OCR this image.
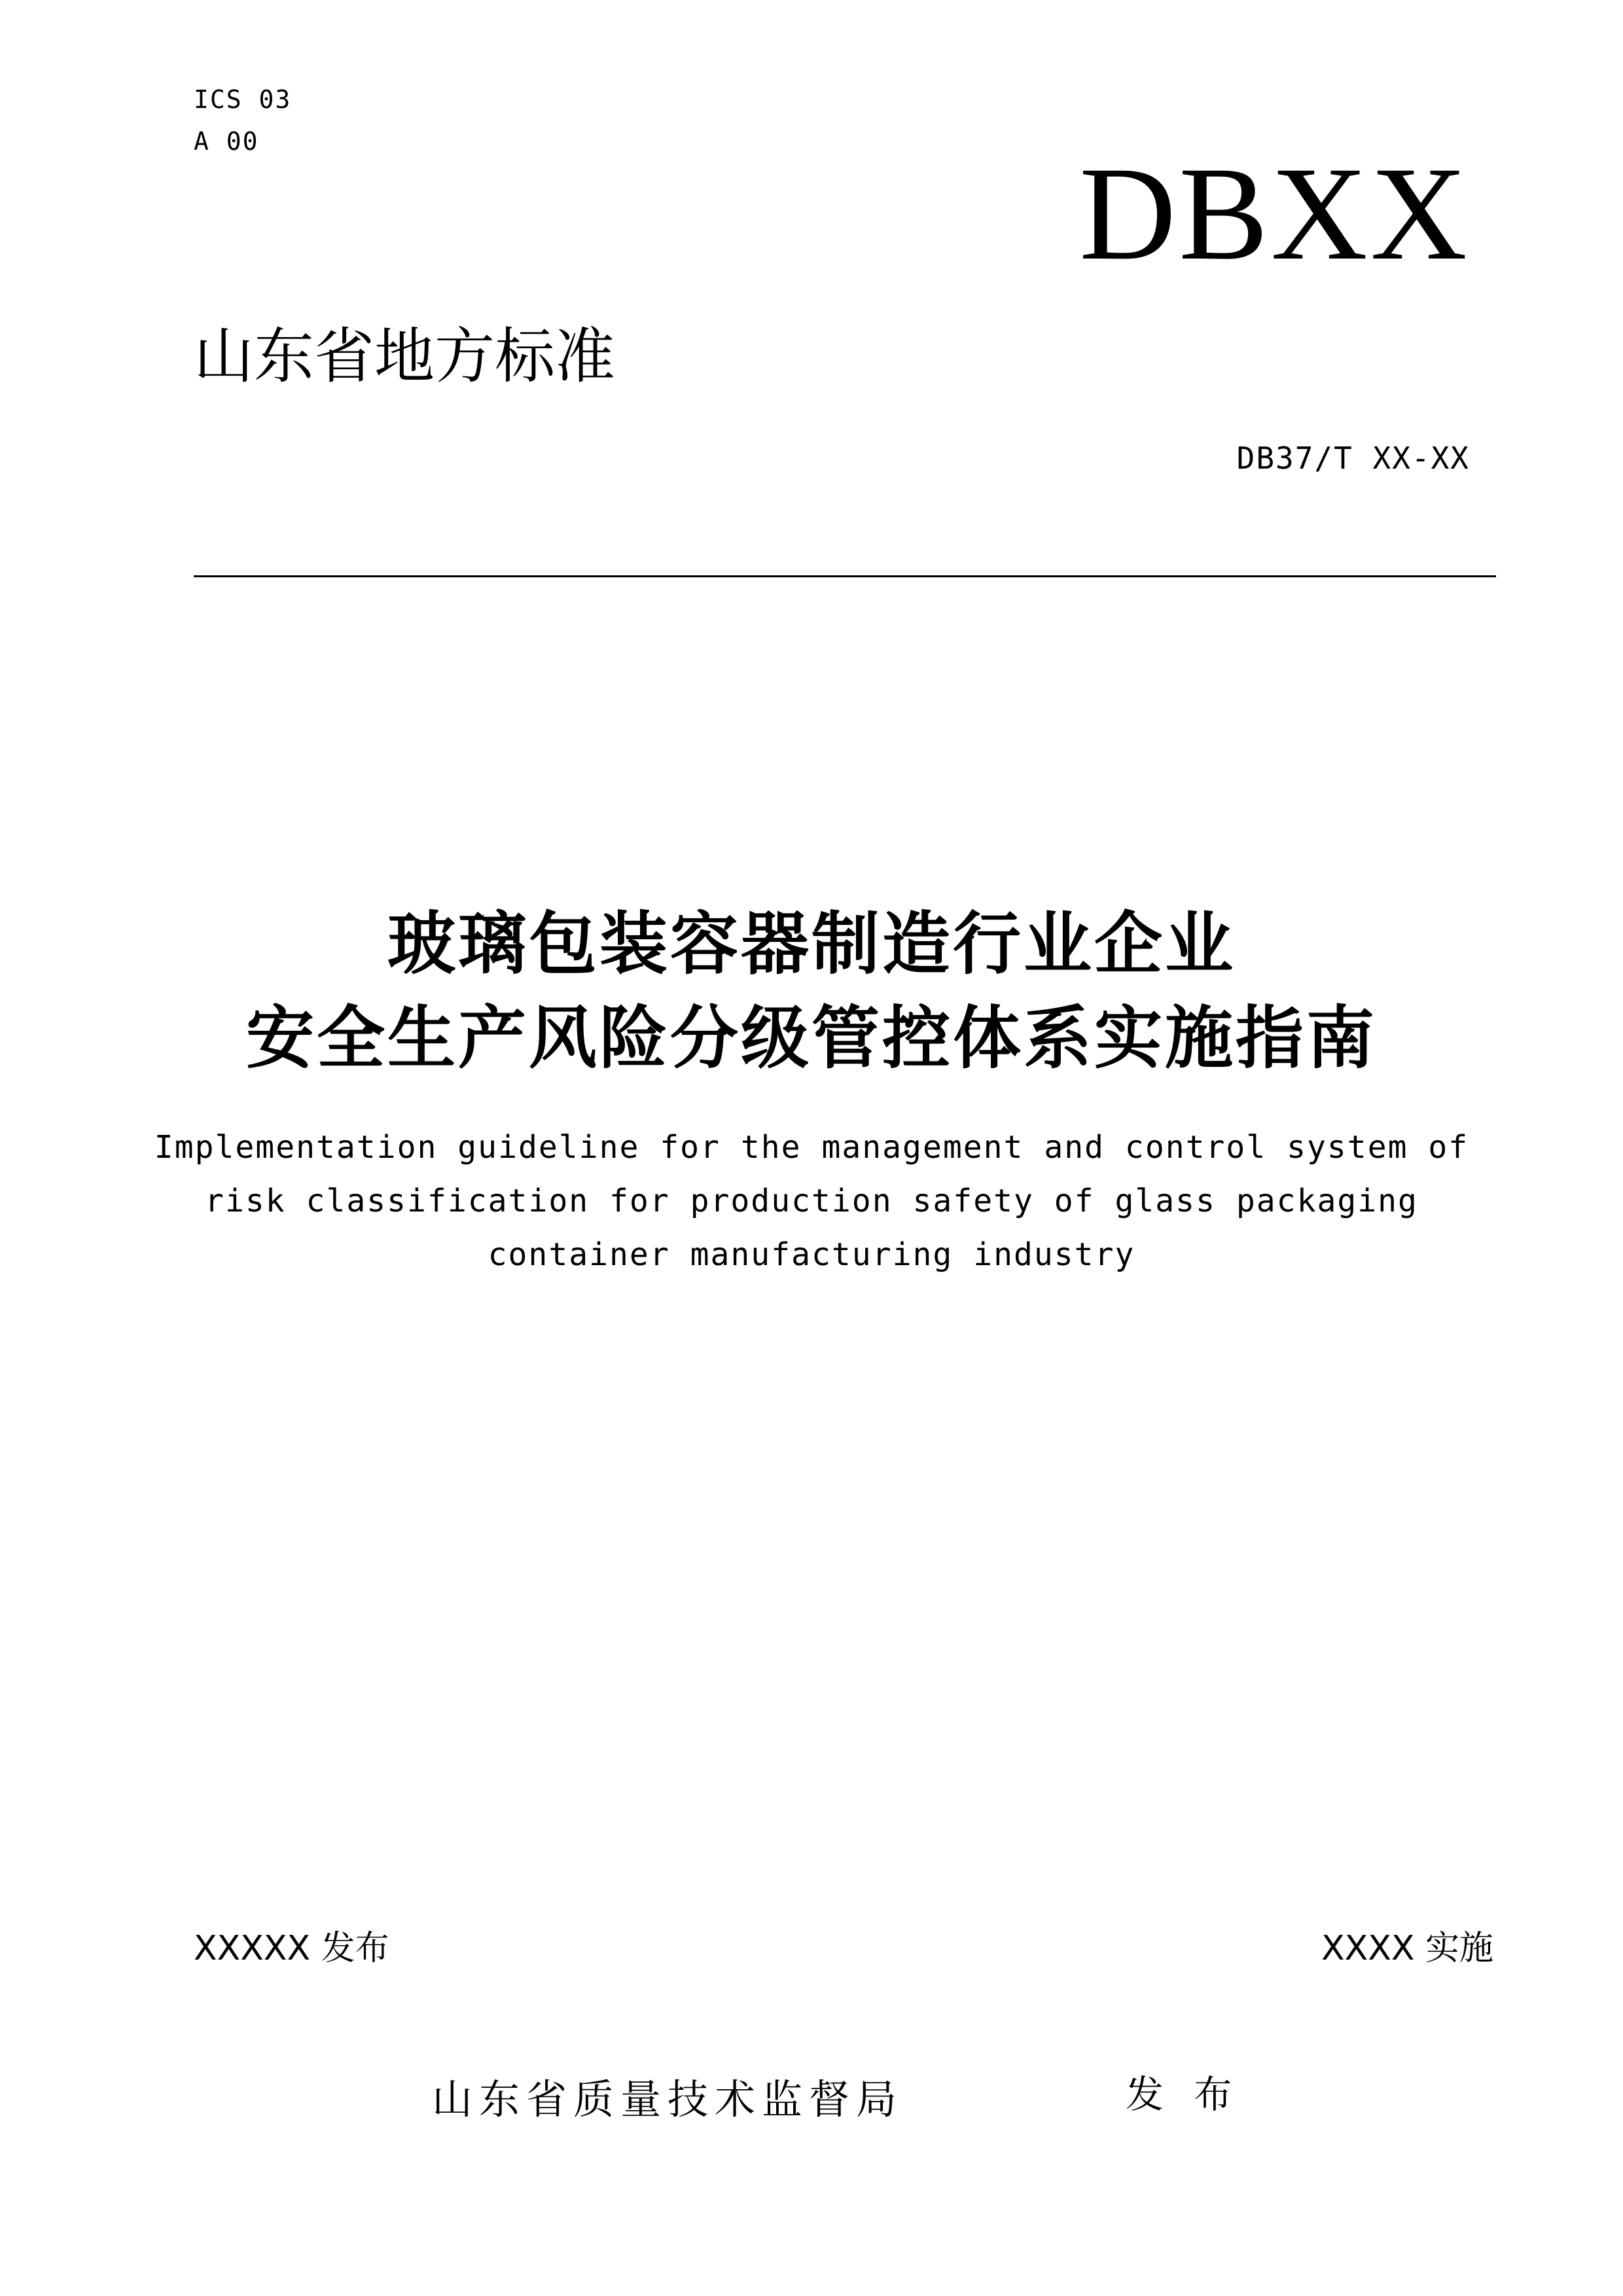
ICS 03
A 00	DBXX
山东省地方标准
DB37/T XX-XX
玻璃包装容器制造行业企业
安全生产风险分级管控体系实施指南
Implementation guideline for the management and control system of
risk classification for production safety of glass packaging
container manufacturing industry
XXXXX 发布	XXXX 实施
山东省质量技术监督局	发 布
